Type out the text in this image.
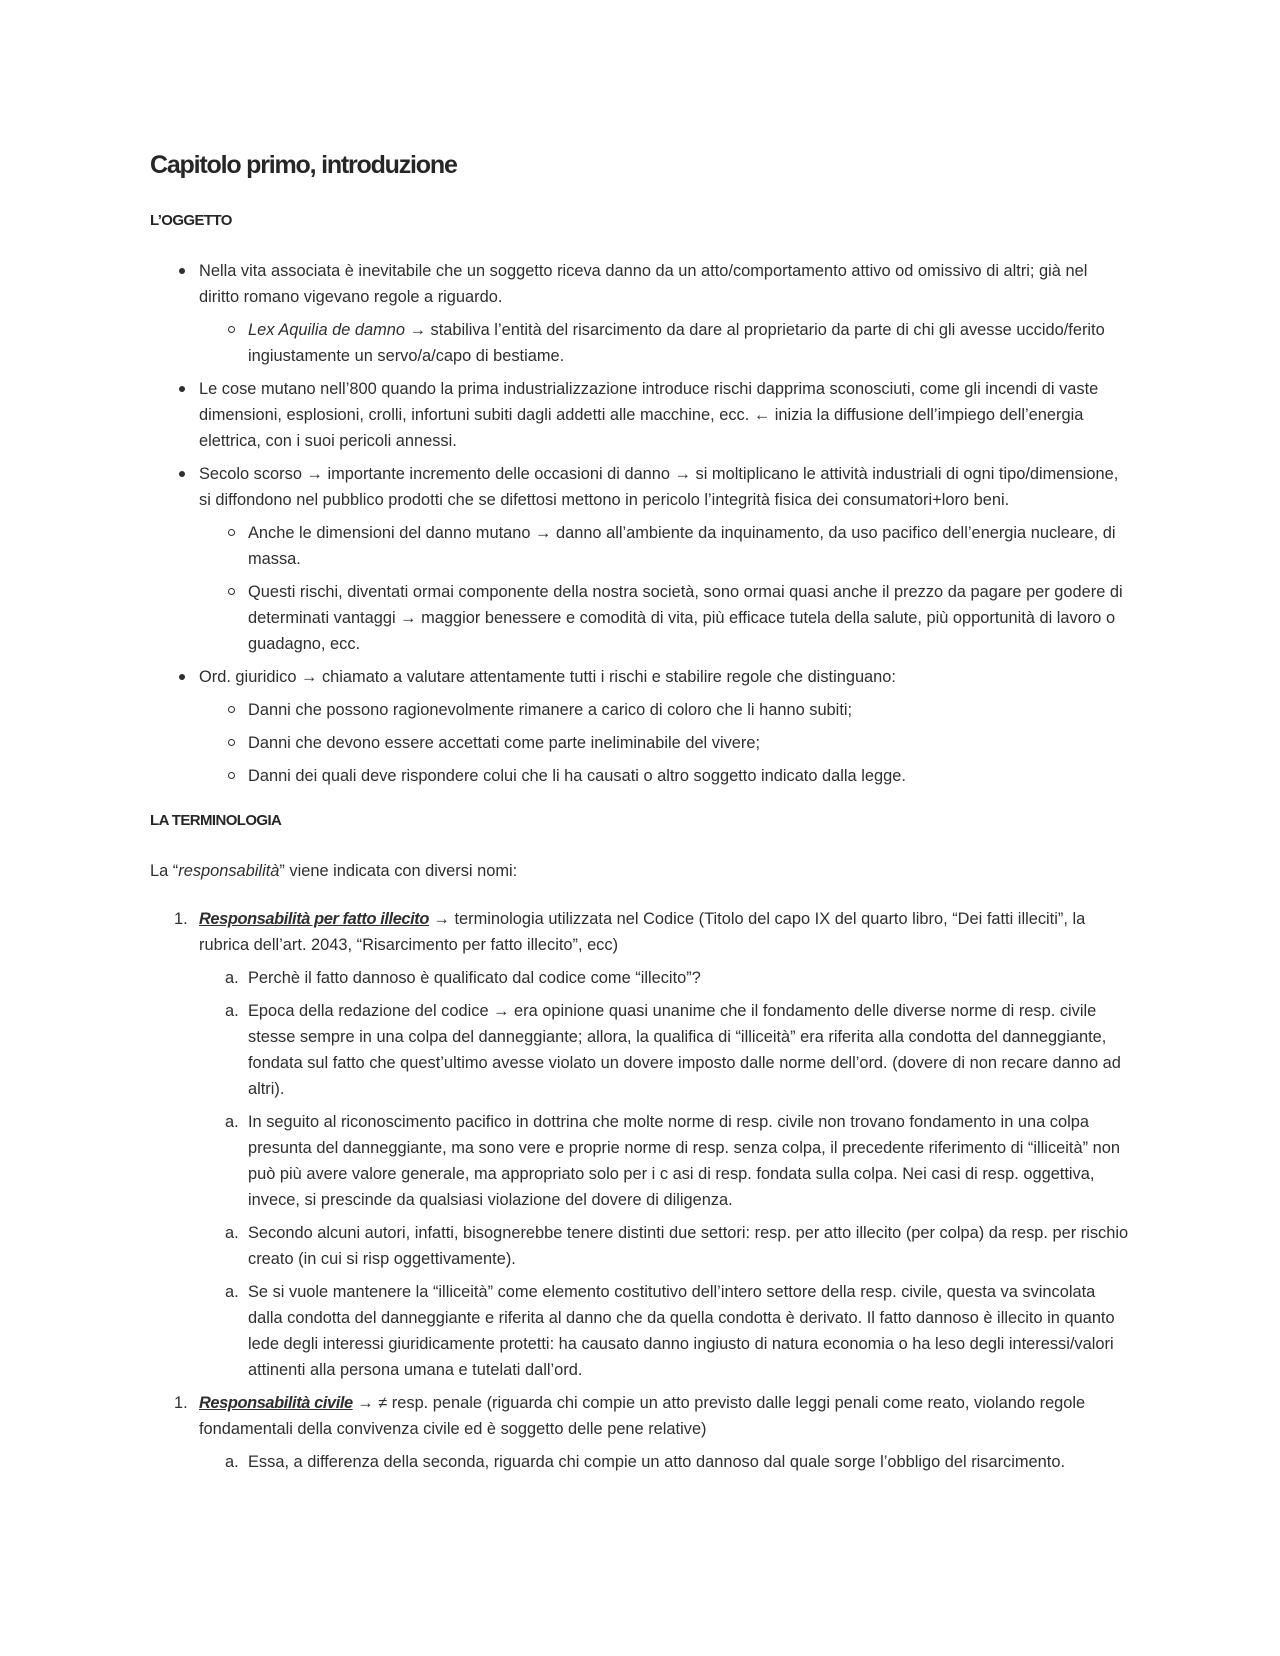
Capitolo primo, introduzione
L’OGGETTO
Nella vita associata è inevitabile che un soggetto riceva danno da un atto/comportamento attivo od omissivo di altri; già nel diritto romano vigevano regole a riguardo.
Lex Aquilia de damno → stabiliva l’entità del risarcimento da dare al proprietario da parte di chi gli avesse uccido/ferito ingiustamente un servo/a/capo di bestiame.
Le cose mutano nell’800 quando la prima industrializzazione introduce rischi dapprima sconosciuti, come gli incendi di vaste dimensioni, esplosioni, crolli, infortuni subiti dagli addetti alle macchine, ecc. ← inizia la diffusione dell’impiego dell’energia elettrica, con i suoi pericoli annessi.
Secolo scorso → importante incremento delle occasioni di danno → si moltiplicano le attività industriali di ogni tipo/dimensione, si diffondono nel pubblico prodotti che se difettosi mettono in pericolo l’integrità fisica dei consumatori+loro beni.
Anche le dimensioni del danno mutano → danno all’ambiente da inquinamento, da uso pacifico dell’energia nucleare, di massa.
Questi rischi, diventati ormai componente della nostra società, sono ormai quasi anche il prezzo da pagare per godere di determinati vantaggi → maggior benessere e comodità di vita, più efficace tutela della salute, più opportunità di lavoro o guadagno, ecc.
Ord. giuridico → chiamato a valutare attentamente tutti i rischi e stabilire regole che distinguano:
Danni che possono ragionevolmente rimanere a carico di coloro che li hanno subiti;
Danni che devono essere accettati come parte ineliminabile del vivere;
Danni dei quali deve rispondere colui che li ha causati o altro soggetto indicato dalla legge.
LA TERMINOLOGIA

La “responsabilità” viene indicata con diversi nomi:

1. Responsabilità per fatto illecito → terminologia utilizzata nel Codice (Titolo del capo IX del quarto libro, “Dei fatti illeciti”, la rubrica dell’art. 2043, “Risarcimento per fatto illecito”, ecc)
a. Perchè il fatto dannoso è qualificato dal codice come “illecito”?
a. Epoca della redazione del codice → era opinione quasi unanime che il fondamento delle diverse norme di resp. civile stesse sempre in una colpa del danneggiante; allora, la qualifica di “illiceità” era riferita alla condotta del danneggiante, fondata sul fatto che quest’ultimo avesse violato un dovere imposto dalle norme dell’ord. (dovere di non recare danno ad altri).
a. In seguito al riconoscimento pacifico in dottrina che molte norme di resp. civile non trovano fondamento in una colpa presunta del danneggiante, ma sono vere e proprie norme di resp. senza colpa, il precedente riferimento di “illiceità” non può più avere valore generale, ma appropriato solo per i c asi di resp. fondata sulla colpa. Nei casi di resp. oggettiva, invece, si prescinde da qualsiasi violazione del dovere di diligenza.
a. Secondo alcuni autori, infatti, bisognerebbe tenere distinti due settori: resp. per atto illecito (per colpa) da resp. per rischio creato (in cui si risp oggettivamente).
a. Se si vuole mantenere la “illiceità” come elemento costitutivo dell’intero settore della resp. civile, questa va svincolata dalla condotta del danneggiante e riferita al danno che da quella condotta è derivato. Il fatto dannoso è illecito in quanto lede degli interessi giuridicamente protetti: ha causato danno ingiusto di natura economia o ha leso degli interessi/valori attinenti alla persona umana e tutelati dall’ord.
1. Responsabilità civile → ≠ resp. penale (riguarda chi compie un atto previsto dalle leggi penali come reato, violando regole fondamentali della convivenza civile ed è soggetto delle pene relative)
a. Essa, a differenza della seconda, riguarda chi compie un atto dannoso dal quale sorge l’obbligo del risarcimento.
